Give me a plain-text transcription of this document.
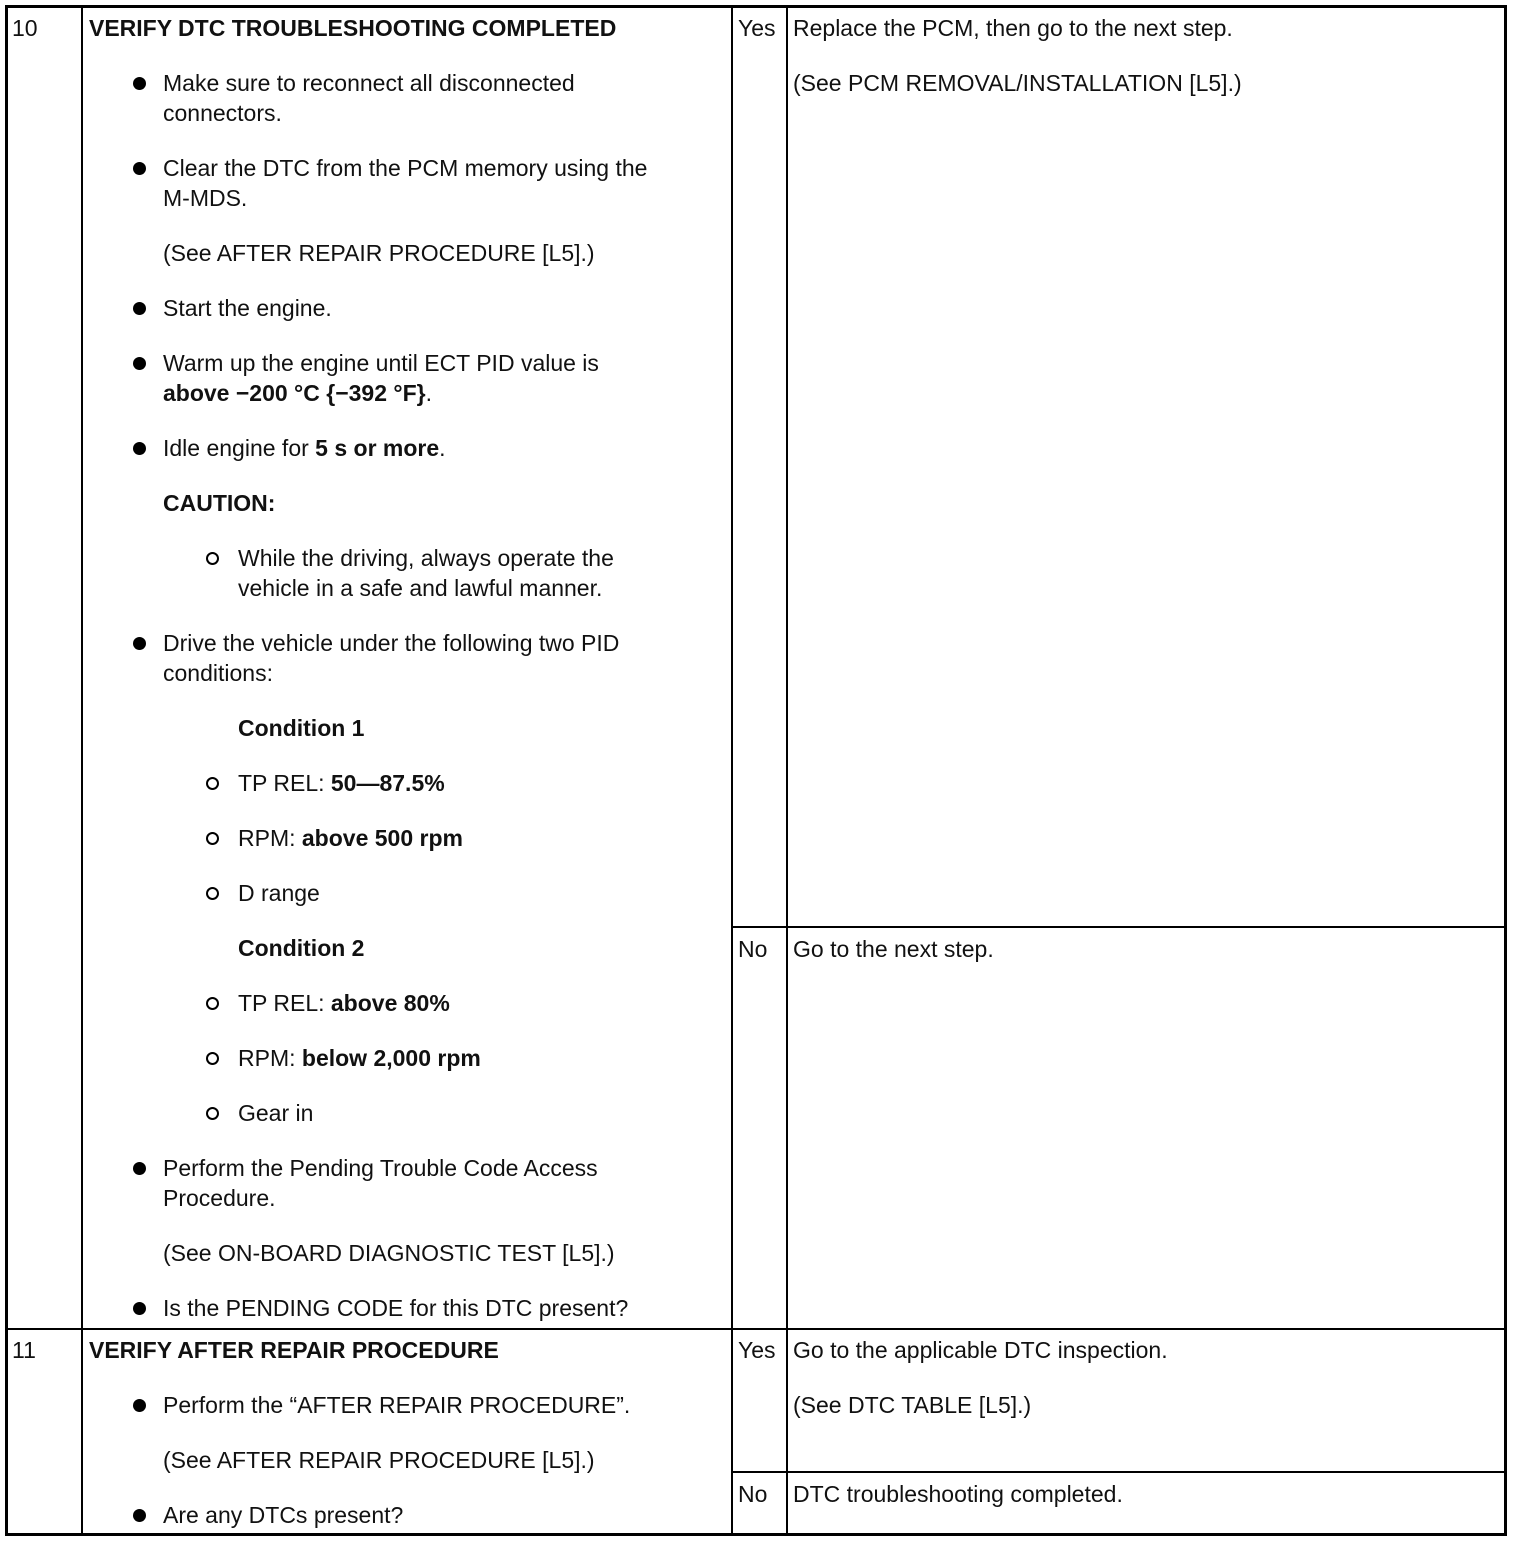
10 VERIFY DTC TROUBLESHOOTING COMPLETED
Make sure to reconnect all disconnected
connectors.
Clear the DTC from the PCM memory using the
M-MDS.
(See AFTER REPAIR PROCEDURE [L5].)
Start the engine.
Warm up the engine until ECT PID value is
above −200 °C {−392 °F}.
Idle engine for 5 s or more.
CAUTION:
While the driving, always operate the
vehicle in a safe and lawful manner.
Drive the vehicle under the following two PID
conditions:
Condition 1
TP REL: 50—87.5%
RPM: above 500 rpm
D range
Condition 2
TP REL: above 80%
RPM: below 2,000 rpm
Gear in
Perform the Pending Trouble Code Access
Procedure.
(See ON-BOARD DIAGNOSTIC TEST [L5].)
Is the PENDING CODE for this DTC present?
Yes Replace the PCM, then go to the next step.
(See PCM REMOVAL/INSTALLATION [L5].)
No Go to the next step.
11 VERIFY AFTER REPAIR PROCEDURE
Perform the “AFTER REPAIR PROCEDURE”.
(See AFTER REPAIR PROCEDURE [L5].)
Are any DTCs present?
Yes Go to the applicable DTC inspection.
(See DTC TABLE [L5].)
No DTC troubleshooting completed.
